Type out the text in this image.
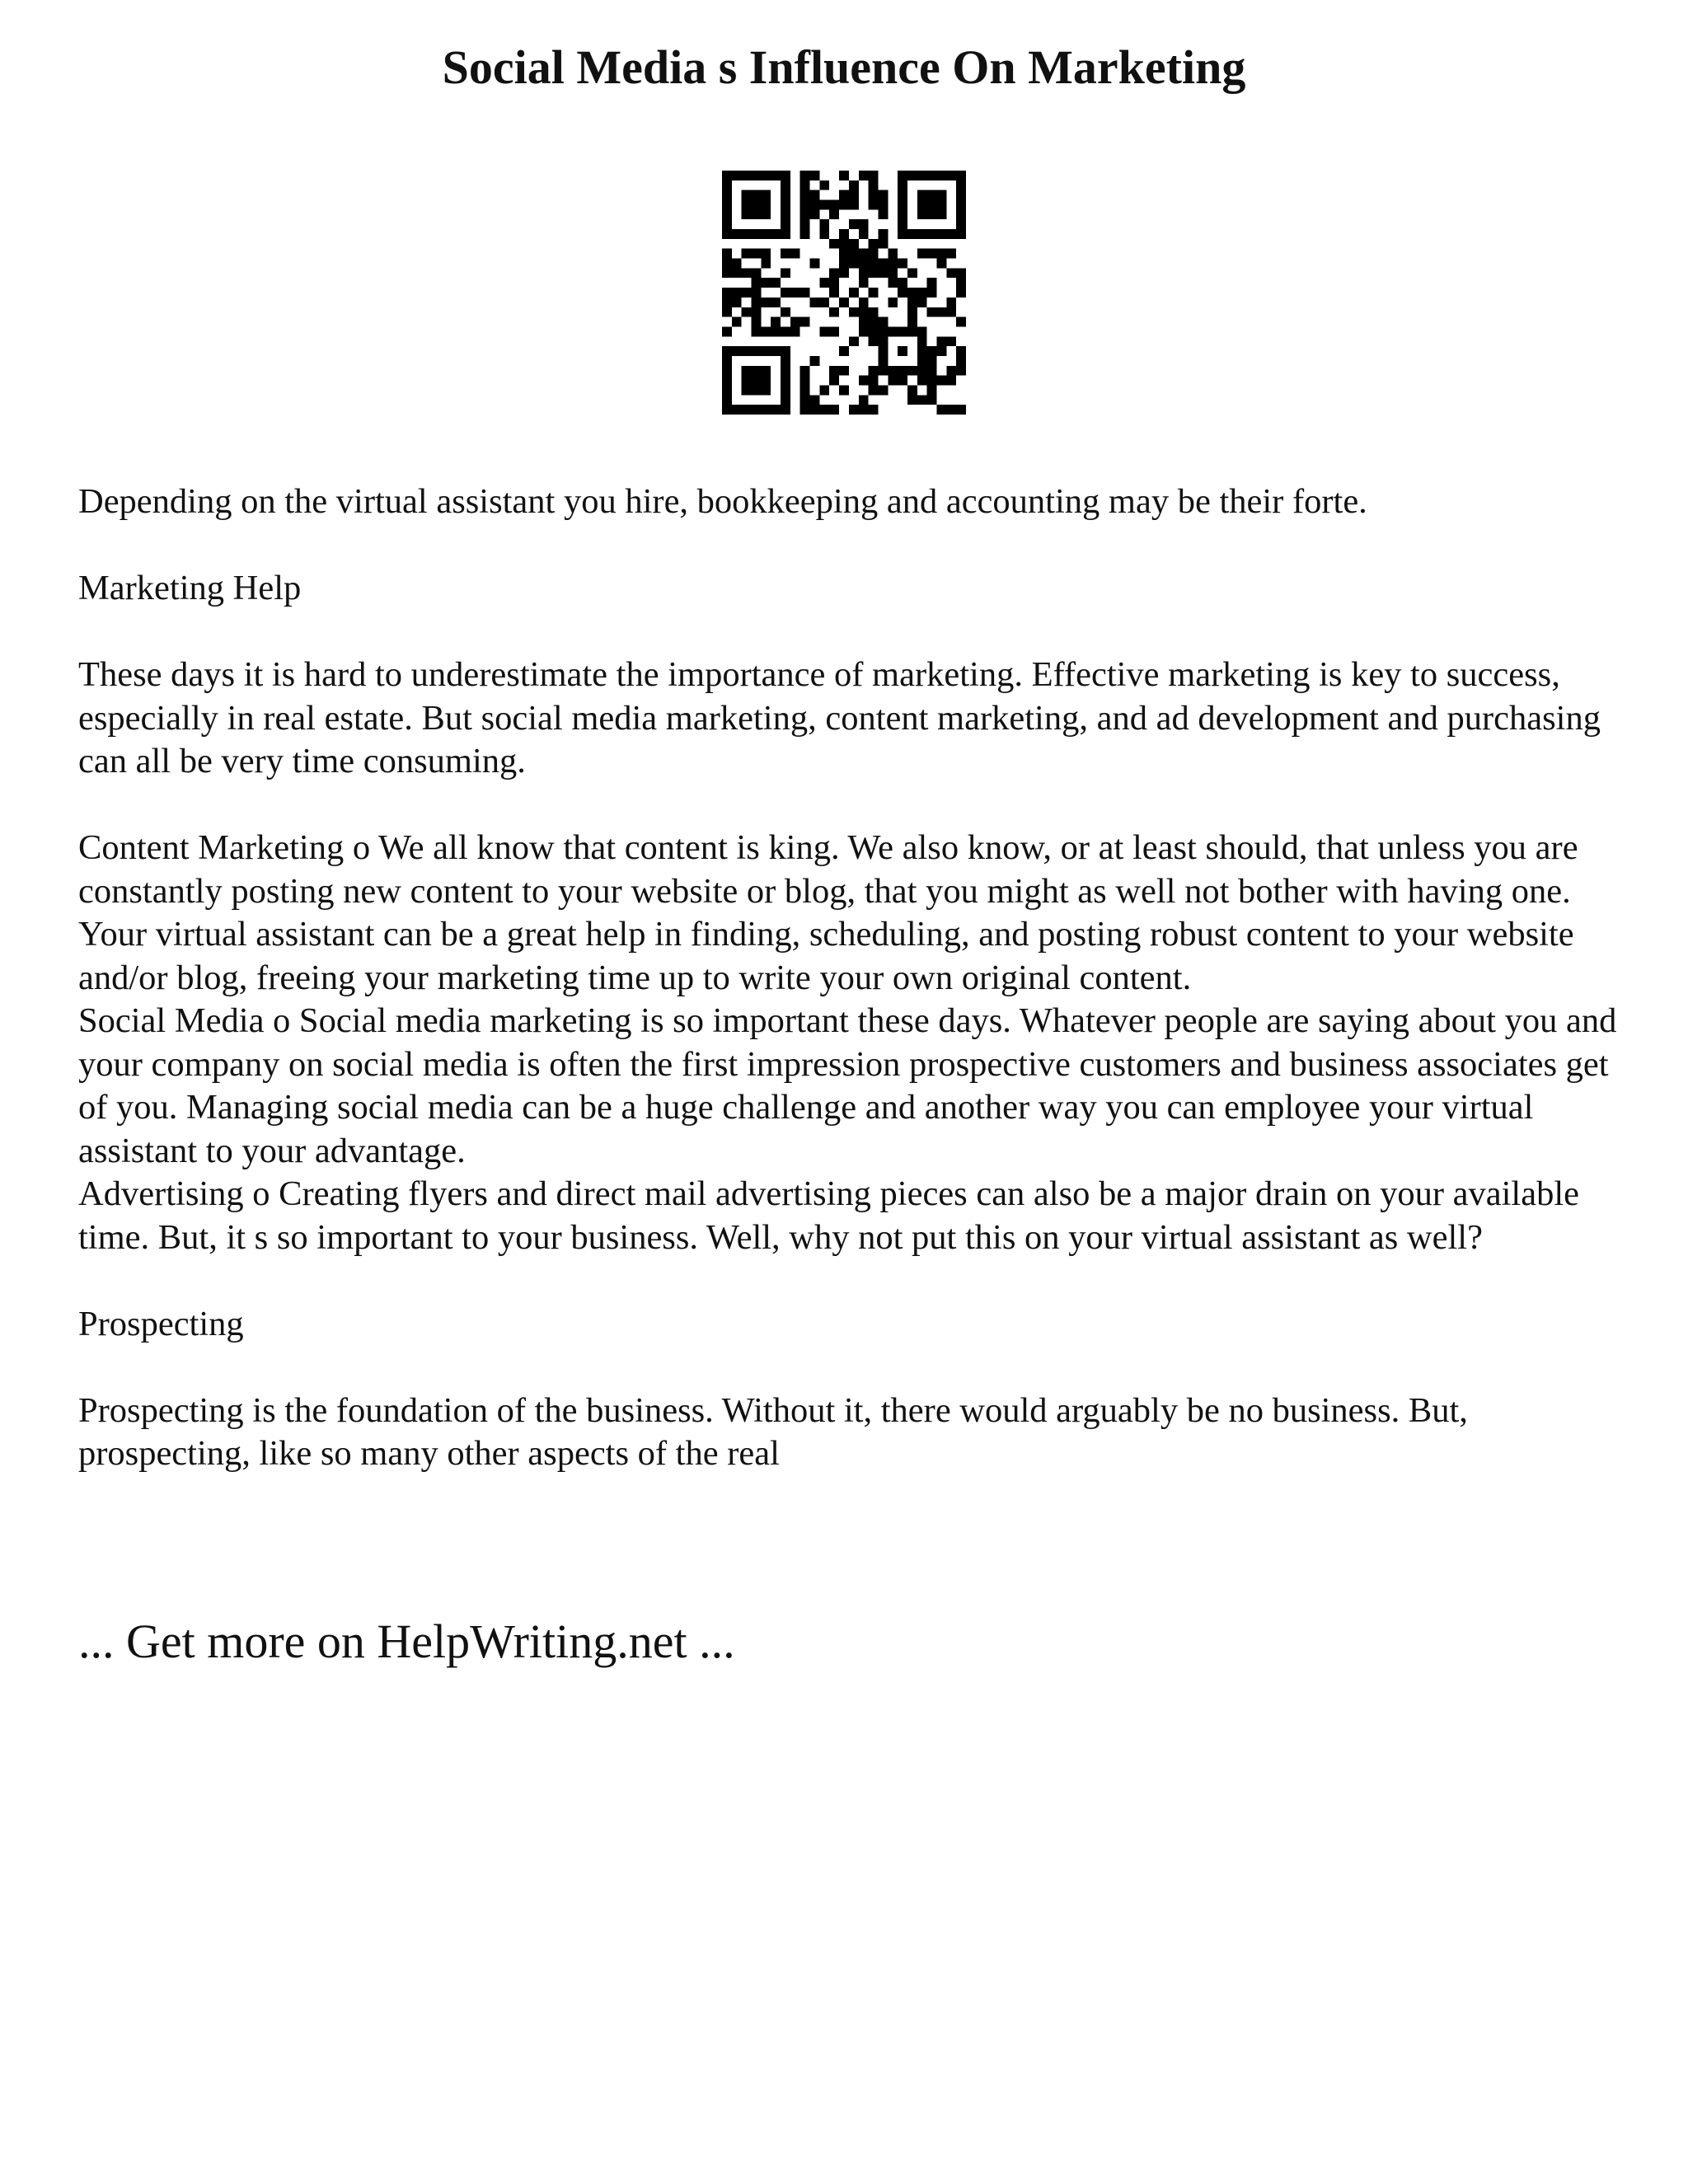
Social Media s Influence On Marketing

Depending on the virtual assistant you hire, bookkeeping and accounting may be their forte.

Marketing Help

These days it is hard to underestimate the importance of marketing. Effective marketing is key to success, especially in real estate. But social media marketing, content marketing, and ad development and purchasing can all be very time consuming.

Content Marketing o We all know that content is king. We also know, or at least should, that unless you are constantly posting new content to your website or blog, that you might as well not bother with having one. Your virtual assistant can be a great help in finding, scheduling, and posting robust content to your website and/or blog, freeing your marketing time up to write your own original content.

Social Media o Social media marketing is so important these days. Whatever people are saying about you and your company on social media is often the first impression prospective customers and business associates get of you. Managing social media can be a huge challenge and another way you can employee your virtual assistant to your advantage.

Advertising o Creating flyers and direct mail advertising pieces can also be a major drain on your available time. But, it s so important to your business. Well, why not put this on your virtual assistant as well?

Prospecting

Prospecting is the foundation of the business. Without it, there would arguably be no business. But, prospecting, like so many other aspects of the real

... Get more on HelpWriting.net ...
